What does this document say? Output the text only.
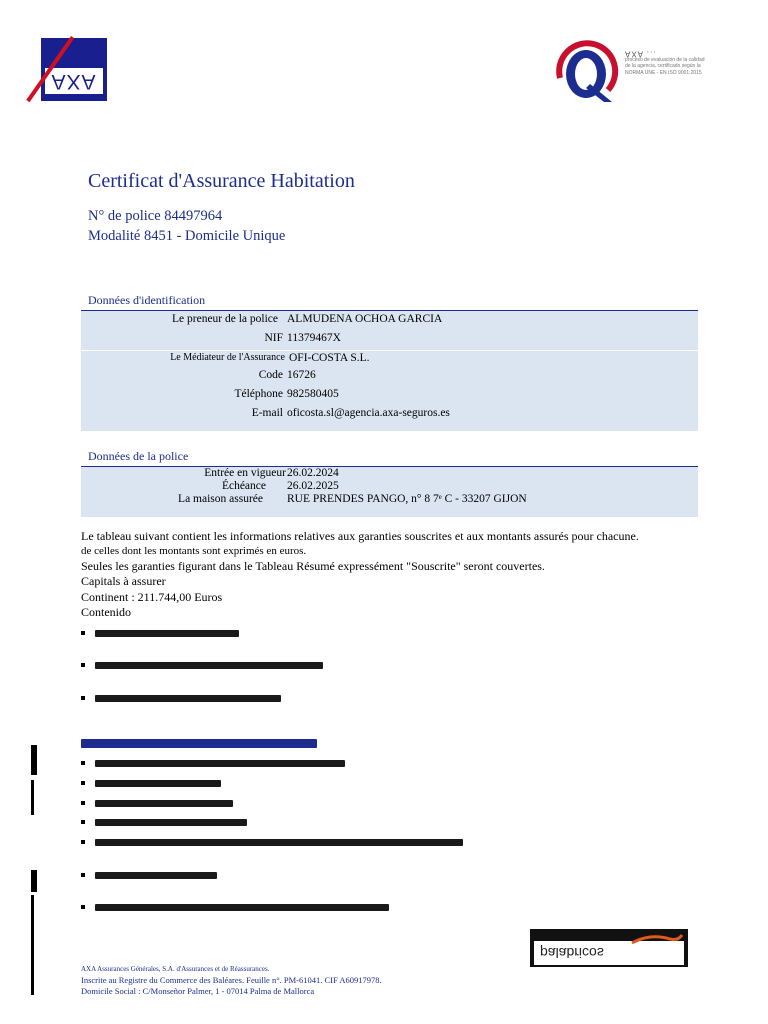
AXA
AXA ...
proceso de evaluación de la calidad
de la agencia, certificado según la
NORMA UNE - EN ISO 9001:2015
Certificat d'Assurance Habitation
N° de police 84497964
Modalité 8451 - Domicile Unique
Données d'identification
Le preneur de la police ALMUDENA OCHOA GARCIA
NIF 11379467X
Le Médiateur de l'Assurance OFI-COSTA S.L.
Code 16726
Téléphone 982580405
E-mail oficosta.sl@agencia.axa-seguros.es
Données de la police
Entrée en vigueur 26.02.2024
Échéance 26.02.2025
La maison assurée RUE PRENDES PANGO, n° 8 7ᵉ C - 33207 GIJON
Le tableau suivant contient les informations relatives aux garanties souscrites et aux montants assurés pour chacune.
de celles dont les montants sont exprimés en euros.
Seules les garanties figurant dans le Tableau Résumé expressément "Souscrite" seront couvertes.
Capitals à assurer
Continent : 211.744,00 Euros
Contenido
palabricos
AXA Assurances Générales, S.A. d'Assurances et de Réassurances.
Inscrite au Registre du Commerce des Baléares. Feuille n°. PM-61041. CIF A60917978.
Domicile Social : C/Monseñor Palmer, 1 - 07014 Palma de Mallorca
